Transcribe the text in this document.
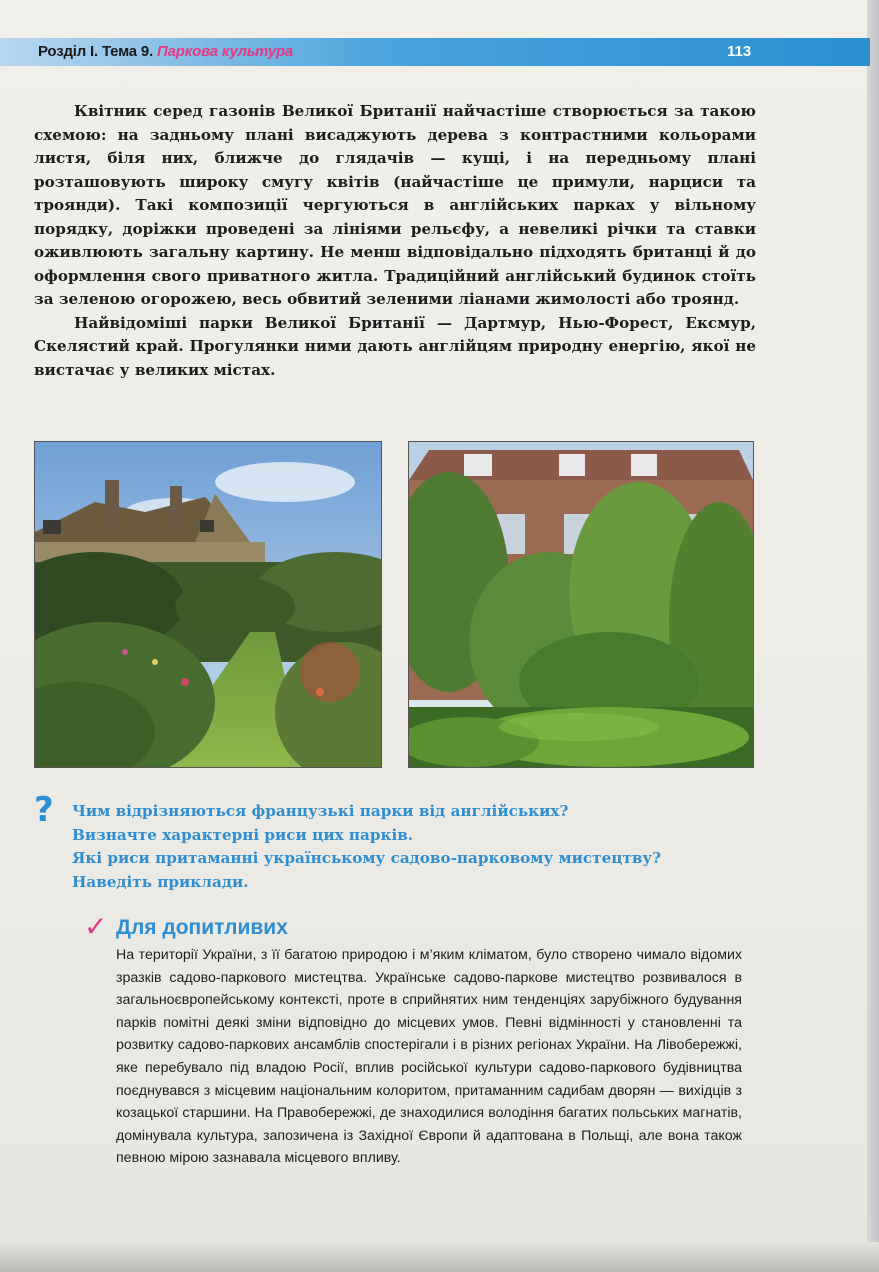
Розділ І. Тема 9. Паркова культура	113

Квітник серед газонів Великої Британії найчастіше створюється за такою схемою: на задньому плані висаджують дерева з контрастними кольорами листя, біля них, ближче до глядачів — кущі, і на передньому плані розташовують широку смугу квітів (найчастіше це примули, нарциси та троянди). Такі композиції чергуються в англійських парках у вільному порядку, доріжки проведені за лініями рельєфу, а невеликі річки та ставки оживлюють загальну картину. Не менш відповідально підходять британці й до оформлення свого приватного житла. Традиційний англійський будинок стоїть за зеленою огорожею, весь обвитий зеленими ліанами жимолості або троянд.

Найвідоміші парки Великої Британії — Дартмур, Нью-Форест, Ексмур, Скелястий край. Прогулянки ними дають англійцям природну енергію, якої не вистачає у великих містах.

? Чим відрізняються французькі парки від англійських?
Визначте характерні риси цих парків.
Які риси притаманні українському садово-парковому мистецтву?
Наведіть приклади.
✓ Для допитливих
На території України, з її багатою природою і м’яким кліматом, було створено чимало відомих зразків садово-паркового мистецтва. Українське садово-паркове мистецтво розвивалося в загальноєвропейському контексті, проте в сприйнятих ним тенденціях зарубіжного будування парків помітні деякі зміни відповідно до місцевих умов. Певні відмінності у становленні та розвитку садово-паркових ансамблів спостерігали і в різних регіонах України. На Лівобережжі, яке перебувало під владою Росії, вплив російської культури садово-паркового будівництва поєднувався з місцевим національним колоритом, притаманним садибам дворян — вихідців з козацької старшини. На Правобережжі, де знаходилися володіння багатих польських магнатів, домінувала культура, запозичена із Західної Європи й адаптована в Польщі, але вона також певною мірою зазнавала місцевого впливу.
